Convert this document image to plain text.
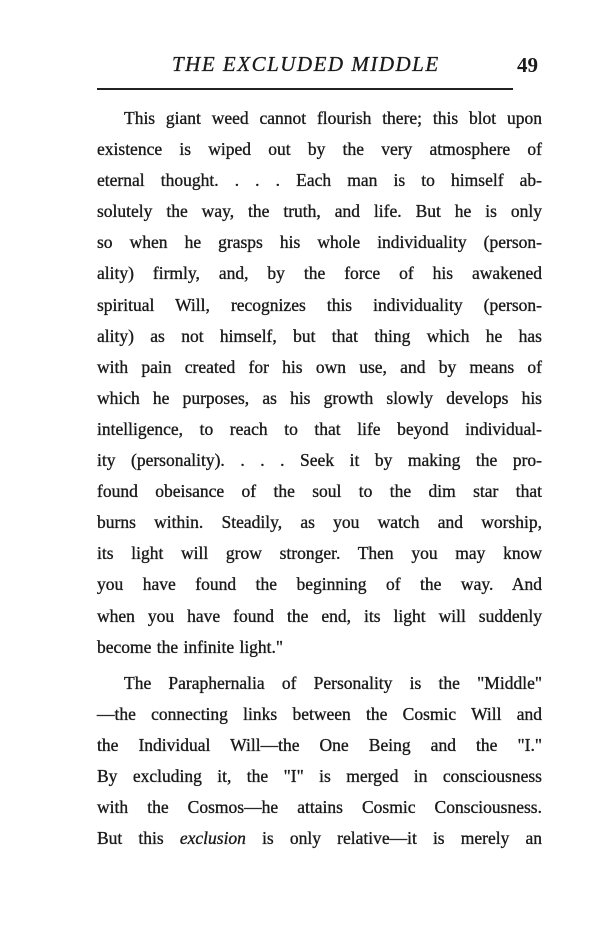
THE EXCLUDED MIDDLE	49
This giant weed cannot flourish there; this blot upon
existence is wiped out by the very atmosphere of
eternal thought. . . . Each man is to himself ab-
solutely the way, the truth, and life. But he is only
so when he grasps his whole individuality (person-
ality) firmly, and, by the force of his awakened
spiritual Will, recognizes this individuality (person-
ality) as not himself, but that thing which he has
with pain created for his own use, and by means of
which he purposes, as his growth slowly develops his
intelligence, to reach to that life beyond individual-
ity (personality). . . . Seek it by making the pro-
found obeisance of the soul to the dim star that
burns within. Steadily, as you watch and worship,
its light will grow stronger. Then you may know
you have found the beginning of the way. And
when you have found the end, its light will suddenly
become the infinite light."
The Paraphernalia of Personality is the "Middle"
—the connecting links between the Cosmic Will and
the Individual Will—the One Being and the "I."
By excluding it, the "I" is merged in consciousness
with the Cosmos—he attains Cosmic Consciousness.
But this exclusion is only relative—it is merely an
